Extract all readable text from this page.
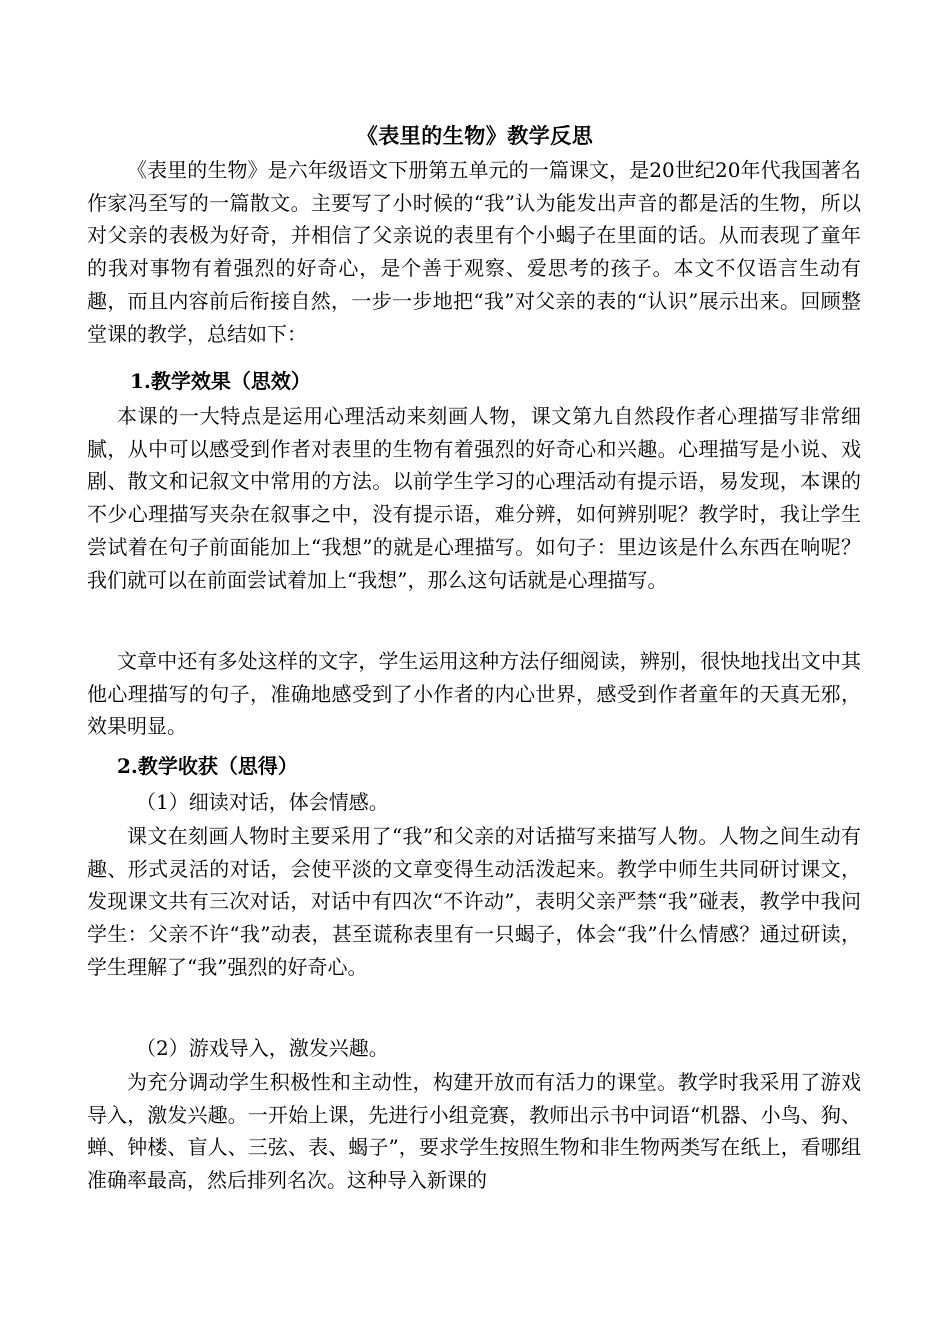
《表里的生物》教学反思

《表里的生物》是六年级语文下册第五单元的一篇课文，是20世纪20年代我国著名作家冯至写的一篇散文。主要写了小时候的“我”认为能发出声音的都是活的生物，所以对父亲的表极为好奇，并相信了父亲说的表里有个小蝎子在里面的话。从而表现了童年的我对事物有着强烈的好奇心，是个善于观察、爱思考的孩子。本文不仅语言生动有趣，而且内容前后衔接自然，一步一步地把“我”对父亲的表的“认识”展示出来。回顾整堂课的教学，总结如下：

1.教学效果（思效）

本课的一大特点是运用心理活动来刻画人物，课文第九自然段作者心理描写非常细腻，从中可以感受到作者对表里的生物有着强烈的好奇心和兴趣。心理描写是小说、戏剧、散文和记叙文中常用的方法。以前学生学习的心理活动有提示语，易发现，本课的不少心理描写夹杂在叙事之中，没有提示语，难分辨，如何辨别呢？教学时，我让学生尝试着在句子前面能加上“我想”的就是心理描写。如句子：里边该是什么东西在响呢？我们就可以在前面尝试着加上“我想”，那么这句话就是心理描写。

文章中还有多处这样的文字，学生运用这种方法仔细阅读，辨别，很快地找出文中其他心理描写的句子，准确地感受到了小作者的内心世界，感受到作者童年的天真无邪，效果明显。

2.教学收获（思得）

（1）细读对话，体会情感。

课文在刻画人物时主要采用了“我”和父亲的对话描写来描写人物。人物之间生动有趣、形式灵活的对话，会使平淡的文章变得生动活泼起来。教学中师生共同研讨课文，发现课文共有三次对话，对话中有四次“不许动”，表明父亲严禁“我”碰表，教学中我问学生：父亲不许“我”动表，甚至谎称表里有一只蝎子，体会“我”什么情感？通过研读，学生理解了“我”强烈的好奇心。

（2）游戏导入，激发兴趣。

为充分调动学生积极性和主动性，构建开放而有活力的课堂。教学时我采用了游戏导入，激发兴趣。一开始上课，先进行小组竞赛，教师出示书中词语“机器、小鸟、狗、蝉、钟楼、盲人、三弦、表、蝎子”，要求学生按照生物和非生物两类写在纸上，看哪组准确率最高，然后排列名次。这种导入新课的
